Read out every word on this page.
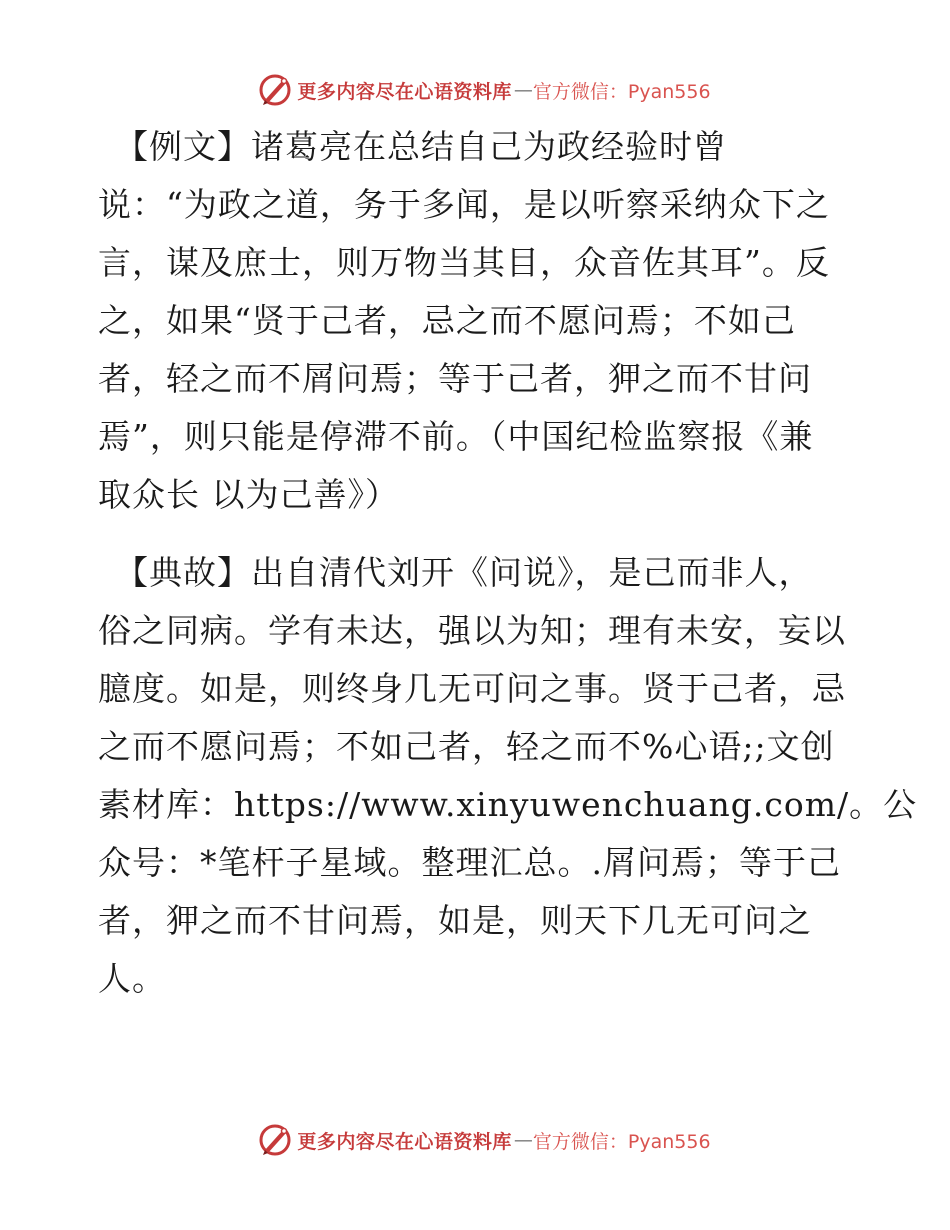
更多内容尽在心语资料库 — 官方微信：Pyan556

【例文】诸葛亮在总结自己为政经验时曾
说：“为政之道，务于多闻，是以听察采纳众下之
言，谋及庶士，则万物当其目，众音佐其耳”。反
之，如果“贤于己者，忌之而不愿问焉；不如己
者，轻之而不屑问焉；等于己者，狎之而不甘问
焉”，则只能是停滞不前。（中国纪检监察报《兼
取众长 以为己善》）

【典故】出自清代刘开《问说》，是己而非人，
俗之同病。学有未达，强以为知；理有未安，妄以
臆度。如是，则终身几无可问之事。贤于己者，忌
之而不愿问焉；不如己者，轻之而不%心语;;文创
素材库：https://www.xinyuwenchuang.com/。公
众号：*笔杆子星域。整理汇总。.屑问焉；等于己
者，狎之而不甘问焉，如是，则天下几无可问之
人。

更多内容尽在心语资料库 — 官方微信：Pyan556
